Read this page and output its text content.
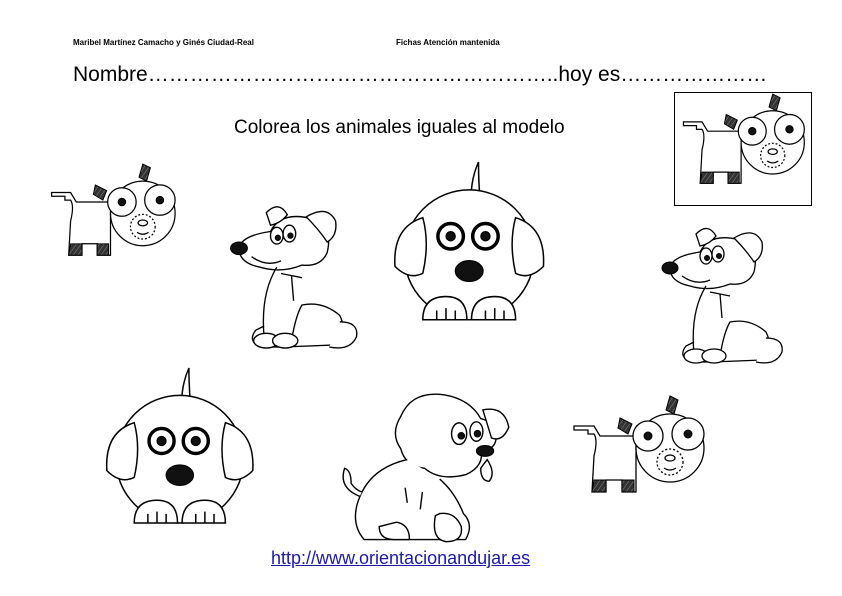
Maribel Martínez Camacho y Ginés Ciudad-Real	Fichas Atención mantenida
Nombre…………………………………………………..hoy es…………………
Colorea los animales iguales al modelo
http://www.orientacionandujar.es
